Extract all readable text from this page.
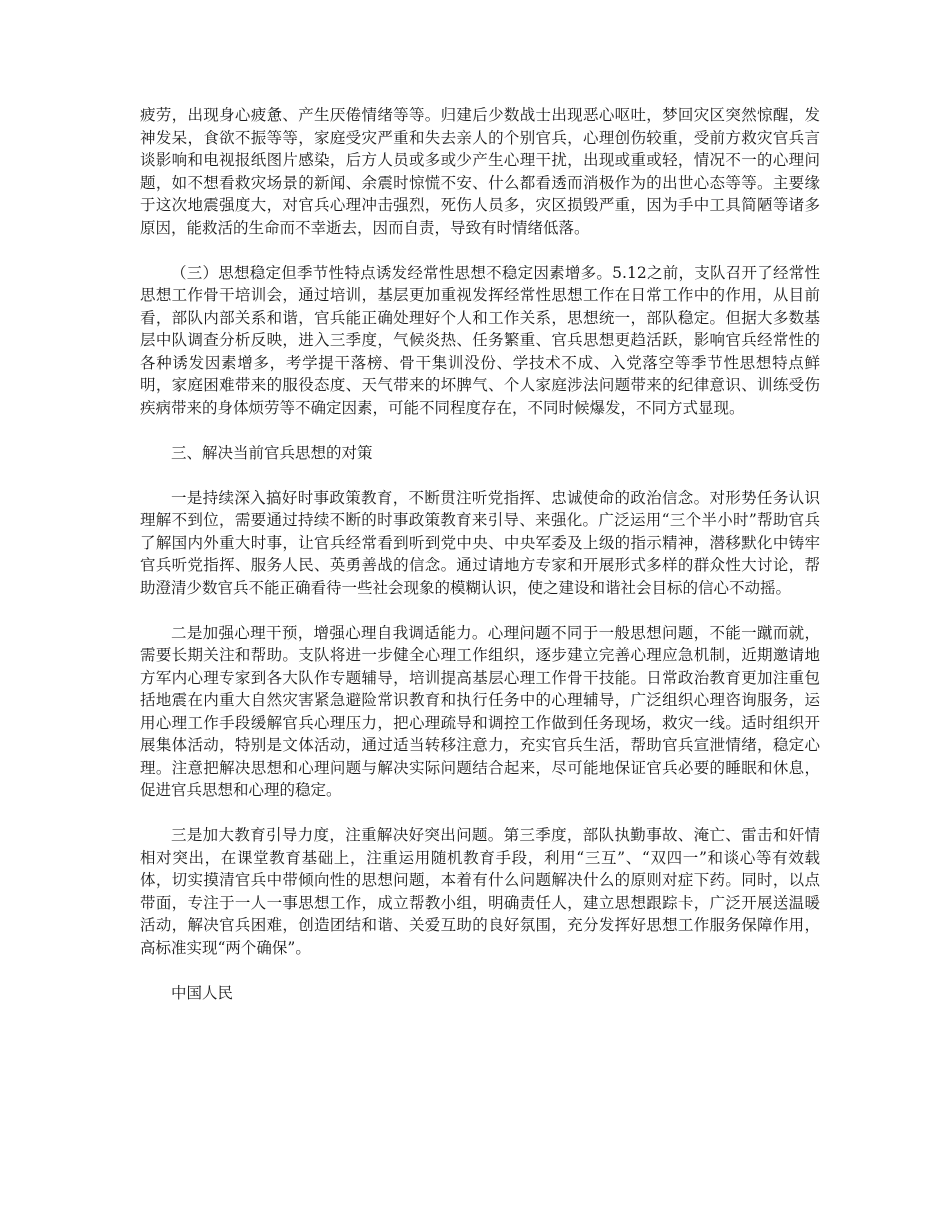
疲劳，出现身心疲惫、产生厌倦情绪等等。归建后少数战士出现恶心呕吐，梦回灾区突然惊醒，发神发呆，食欲不振等等，家庭受灾严重和失去亲人的个别官兵，心理创伤较重，受前方救灾官兵言谈影响和电视报纸图片感染，后方人员或多或少产生心理干扰，出现或重或轻，情况不一的心理问题，如不想看救灾场景的新闻、余震时惊慌不安、什么都看透而消极作为的出世心态等等。主要缘于这次地震强度大，对官兵心理冲击强烈，死伤人员多，灾区损毁严重，因为手中工具简陋等诸多原因，能救活的生命而不幸逝去，因而自责，导致有时情绪低落。

（三）思想稳定但季节性特点诱发经常性思想不稳定因素增多。5.12之前，支队召开了经常性思想工作骨干培训会，通过培训，基层更加重视发挥经常性思想工作在日常工作中的作用，从目前看，部队内部关系和谐，官兵能正确处理好个人和工作关系，思想统一，部队稳定。但据大多数基层中队调查分析反映，进入三季度，气候炎热、任务繁重、官兵思想更趋活跃，影响官兵经常性的各种诱发因素增多，考学提干落榜、骨干集训没份、学技术不成、入党落空等季节性思想特点鲜明，家庭困难带来的服役态度、天气带来的坏脾气、个人家庭涉法问题带来的纪律意识、训练受伤疾病带来的身体烦劳等不确定因素，可能不同程度存在，不同时候爆发，不同方式显现。

三、解决当前官兵思想的对策

一是持续深入搞好时事政策教育，不断贯注听党指挥、忠诚使命的政治信念。对形势任务认识理解不到位，需要通过持续不断的时事政策教育来引导、来强化。广泛运用“三个半小时”帮助官兵了解国内外重大时事，让官兵经常看到听到党中央、中央军委及上级的指示精神，潜移默化中铸牢官兵听党指挥、服务人民、英勇善战的信念。通过请地方专家和开展形式多样的群众性大讨论，帮助澄清少数官兵不能正确看待一些社会现象的模糊认识，使之建设和谐社会目标的信心不动摇。

二是加强心理干预，增强心理自我调适能力。心理问题不同于一般思想问题，不能一蹴而就，需要长期关注和帮助。支队将进一步健全心理工作组织，逐步建立完善心理应急机制，近期邀请地方军内心理专家到各大队作专题辅导，培训提高基层心理工作骨干技能。日常政治教育更加注重包括地震在内重大自然灾害紧急避险常识教育和执行任务中的心理辅导，广泛组织心理咨询服务，运用心理工作手段缓解官兵心理压力，把心理疏导和调控工作做到任务现场，救灾一线。适时组织开展集体活动，特别是文体活动，通过适当转移注意力，充实官兵生活，帮助官兵宣泄情绪，稳定心理。注意把解决思想和心理问题与解决实际问题结合起来，尽可能地保证官兵必要的睡眠和休息，促进官兵思想和心理的稳定。

三是加大教育引导力度，注重解决好突出问题。第三季度，部队执勤事故、淹亡、雷击和奸情相对突出，在课堂教育基础上，注重运用随机教育手段，利用“三互”、“双四一”和谈心等有效载体，切实摸清官兵中带倾向性的思想问题，本着有什么问题解决什么的原则对症下药。同时，以点带面，专注于一人一事思想工作，成立帮教小组，明确责任人，建立思想跟踪卡，广泛开展送温暖活动，解决官兵困难，创造团结和谐、关爱互助的良好氛围，充分发挥好思想工作服务保障作用，高标准实现“两个确保”。

中国人民
